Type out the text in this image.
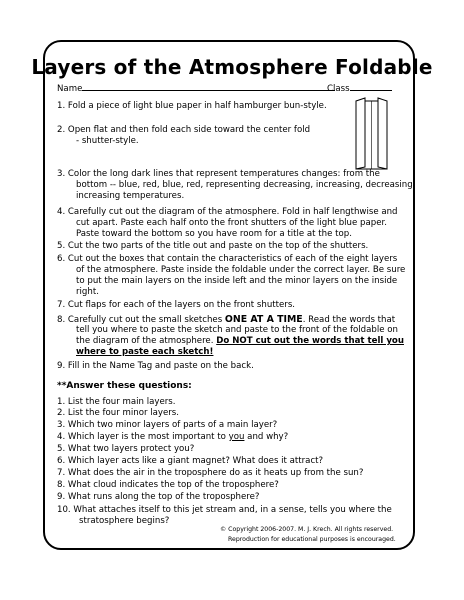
Layers of the Atmosphere Foldable
Name	Class
1. Fold a piece of light blue paper in half hamburger bun-style.
2. Open flat and then fold each side toward the center fold
- shutter-style.
3. Color the long dark lines that represent temperatures changes: from the
bottom -- blue, red, blue, red, representing decreasing, increasing, decreasing,
increasing temperatures.
4. Carefully cut out the diagram of the atmosphere. Fold in half lengthwise and
cut apart. Paste each half onto the front shutters of the light blue paper.
Paste toward the bottom so you have room for a title at the top.
5. Cut the two parts of the title out and paste on the top of the shutters.
6. Cut out the boxes that contain the characteristics of each of the eight layers
of the atmosphere. Paste inside the foldable under the correct layer. Be sure
to put the main layers on the inside left and the minor layers on the inside
right.
7. Cut flaps for each of the layers on the front shutters.
8. Carefully cut out the small sketches ONE AT A TIME. Read the words that
tell you where to paste the sketch and paste to the front of the foldable on
the diagram of the atmosphere. Do NOT cut out the words that tell you
where to paste each sketch!
9. Fill in the Name Tag and paste on the back.
**Answer these questions:
1. List the four main layers.
2. List the four minor layers.
3. Which two minor layers of parts of a main layer?
4. Which layer is the most important to you and why?
5. What two layers protect you?
6. Which layer acts like a giant magnet? What does it attract?
7. What does the air in the troposphere do as it heats up from the sun?
8. What cloud indicates the top of the troposphere?
9. What runs along the top of the troposphere?
10. What attaches itself to this jet stream and, in a sense, tells you where the
stratosphere begins?
© Copyright 2006-2007. M. J. Krech. All rights reserved.
Reproduction for educational purposes is encouraged.
